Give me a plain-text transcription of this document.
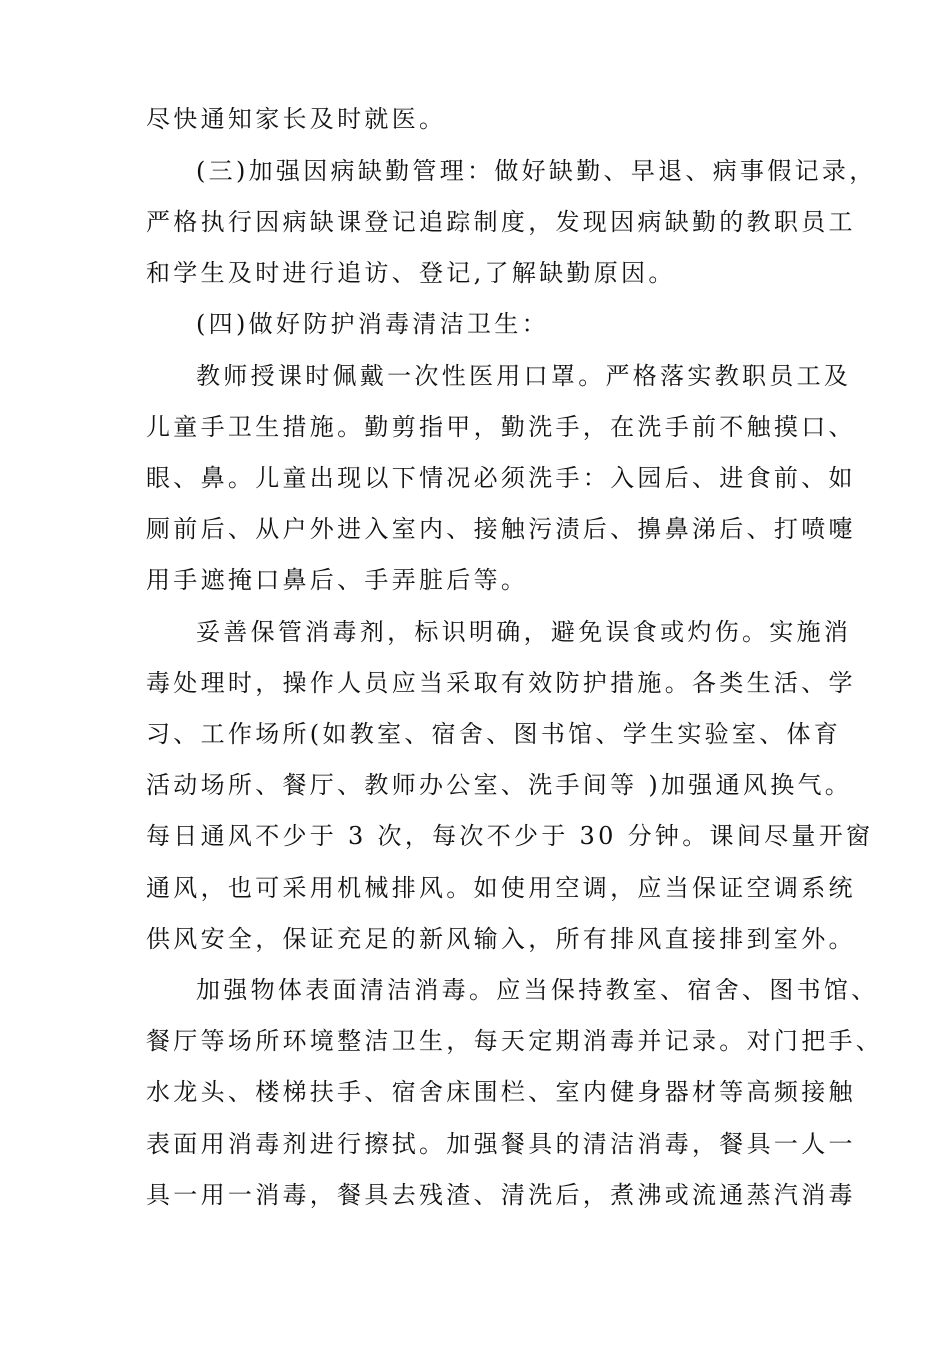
尽快通知家长及时就医。

(三)加强因病缺勤管理：做好缺勤、早退、病事假记录，

严格执行因病缺课登记追踪制度，发现因病缺勤的教职员工

和学生及时进行追访、登记,了解缺勤原因。

(四)做好防护消毒清洁卫生：

教师授课时佩戴一次性医用口罩。严格落实教职员工及

儿童手卫生措施。勤剪指甲，勤洗手，在洗手前不触摸口、

眼、鼻。儿童出现以下情况必须洗手：入园后、进食前、如

厕前后、从户外进入室内、接触污渍后、擤鼻涕后、打喷嚏

用手遮掩口鼻后、手弄脏后等。

妥善保管消毒剂，标识明确，避免误食或灼伤。实施消

毒处理时，操作人员应当采取有效防护措施。各类生活、学

习、工作场所(如教室、宿舍、图书馆、学生实验室、体育

活动场所、餐厅、教师办公室、洗手间等 )加强通风换气。

每日通风不少于 3 次，每次不少于 30 分钟。课间尽量开窗

通风，也可采用机械排风。如使用空调，应当保证空调系统

供风安全，保证充足的新风输入，所有排风直接排到室外。

加强物体表面清洁消毒。应当保持教室、宿舍、图书馆、

餐厅等场所环境整洁卫生，每天定期消毒并记录。对门把手、

水龙头、楼梯扶手、宿舍床围栏、室内健身器材等高频接触

表面用消毒剂进行擦拭。加强餐具的清洁消毒，餐具一人一

具一用一消毒，餐具去残渣、清洗后，煮沸或流通蒸汽消毒
